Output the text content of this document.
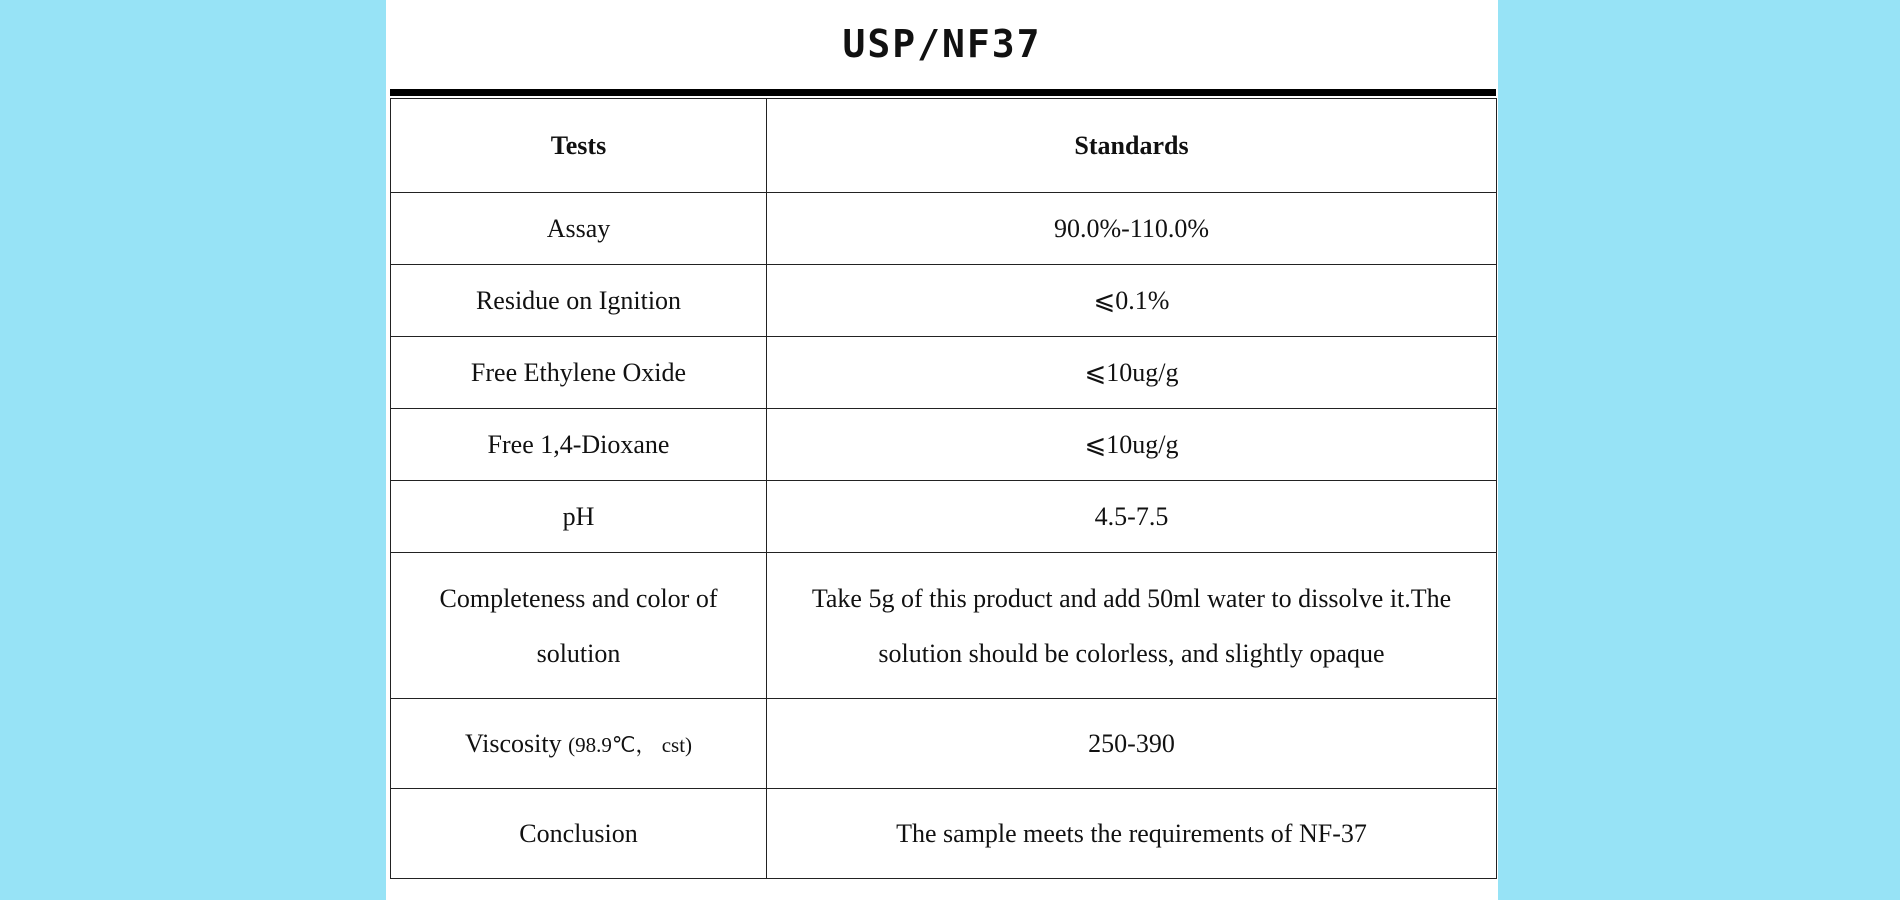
USP/NF37
Tests	Standards
Assay	90.0%-110.0%
Residue on Ignition	⩽0.1%
Free Ethylene Oxide	⩽10ug/g
Free 1,4-Dioxane	⩽10ug/g
pH	4.5-7.5
Completeness and color of solution	Take 5g of this product and add 50ml water to dissolve it.The solution should be colorless, and slightly opaque
Viscosity (98.9℃， cst)	250-390
Conclusion	The sample meets the requirements of NF-37
